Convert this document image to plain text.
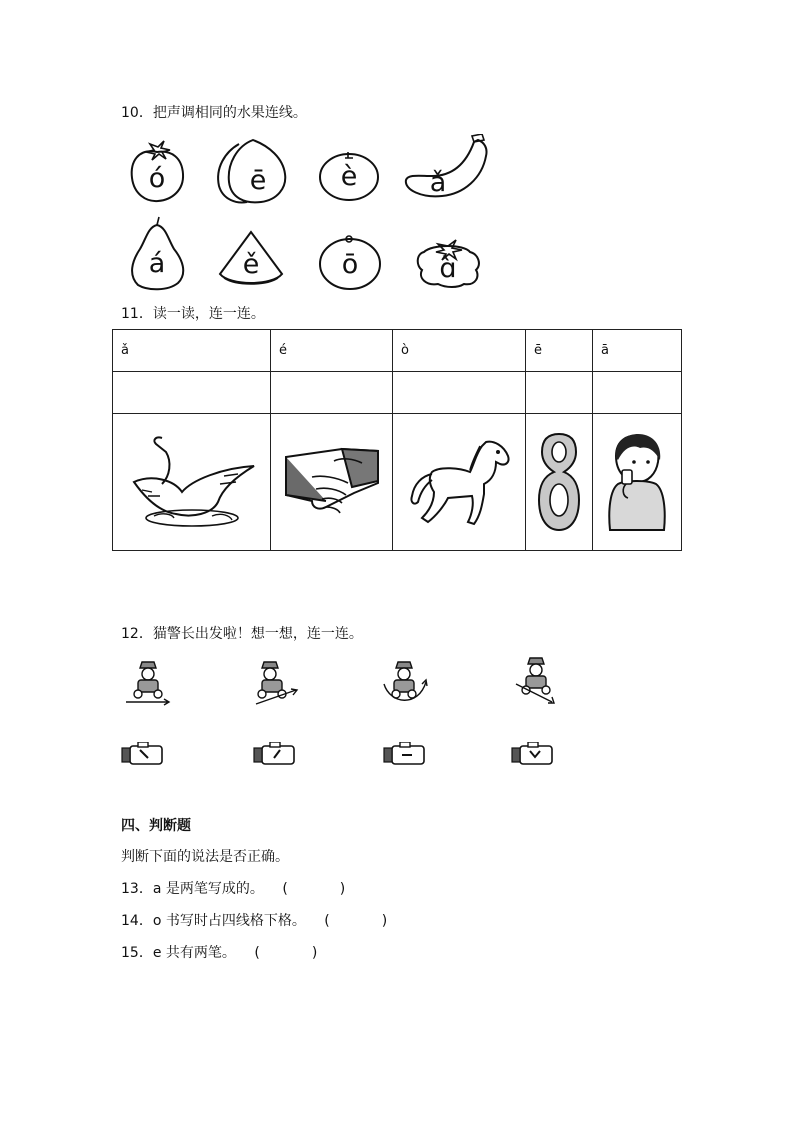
10．把声调相同的水果连线。
ó	ē	è	ǎ
á	ě	ō	ɑ̀
11．读一读，连一连。
ǎ	é	ò	ē	ā

12．猫警长出发啦！想一想，连一连。
四、判断题
判断下面的说法是否正确。
13．a 是两笔写成的。 (	)
14．o 书写时占四线格下格。 (	)
15．e 共有两笔。 (	)
